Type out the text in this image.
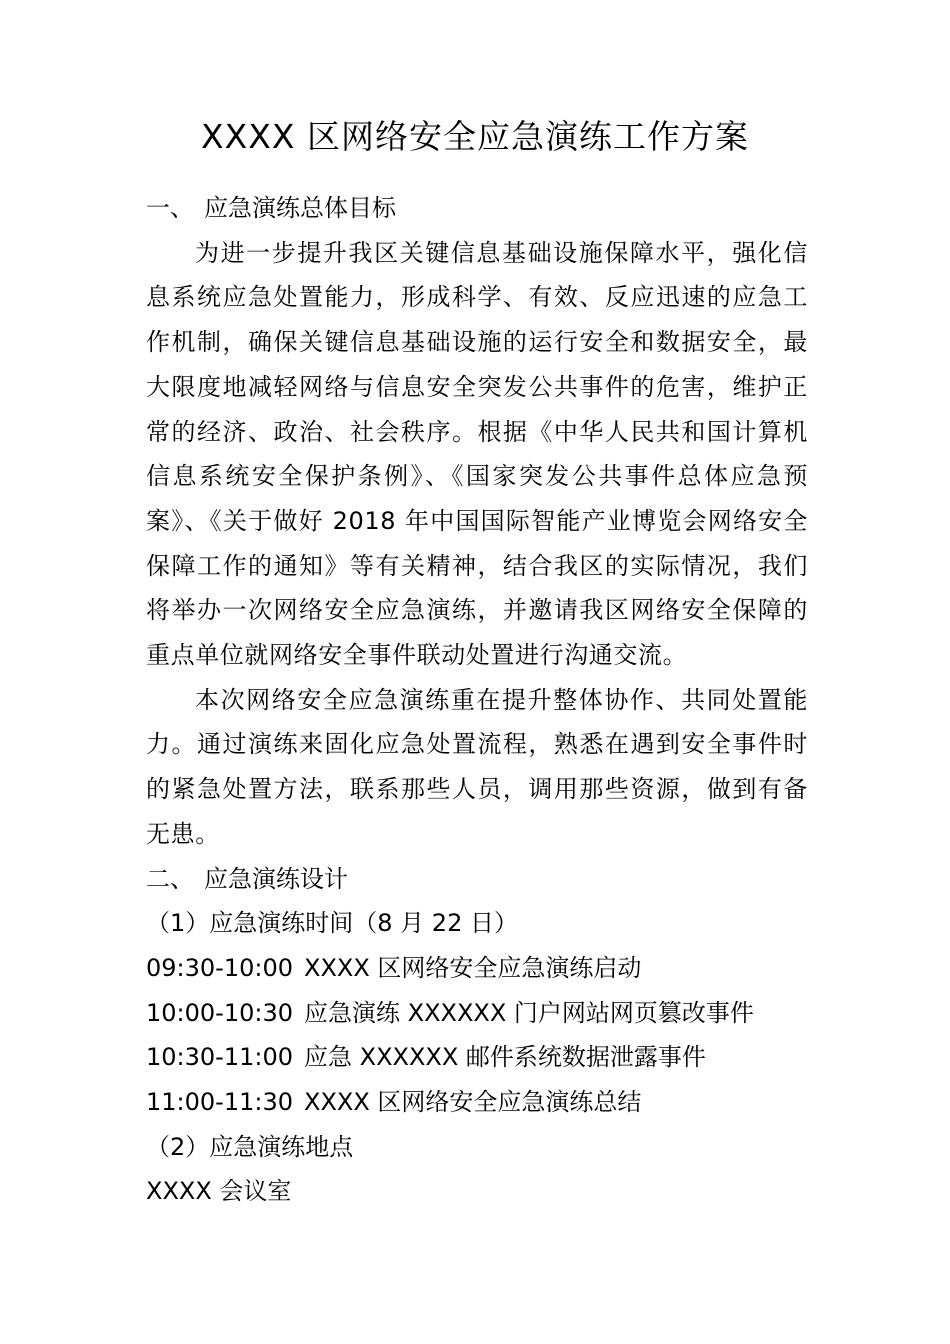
XXXX 区网络安全应急演练工作方案

一、 应急演练总体目标

为进一步提升我区关键信息基础设施保障水平，强化信息系统应急处置能力，形成科学、有效、反应迅速的应急工作机制，确保关键信息基础设施的运行安全和数据安全，最大限度地减轻网络与信息安全突发公共事件的危害，维护正常的经济、政治、社会秩序。根据《中华人民共和国计算机信息系统安全保护条例》、《国家突发公共事件总体应急预案》、《关于做好 2018 年中国国际智能产业博览会网络安全保障工作的通知》等有关精神，结合我区的实际情况，我们将举办一次网络安全应急演练，并邀请我区网络安全保障的重点单位就网络安全事件联动处置进行沟通交流。

本次网络安全应急演练重在提升整体协作、共同处置能力。通过演练来固化应急处置流程，熟悉在遇到安全事件时的紧急处置方法，联系那些人员，调用那些资源，做到有备无患。

二、 应急演练设计

（1）应急演练时间（8 月 22 日）

09:30-10:00 XXXX 区网络安全应急演练启动

10:00-10:30 应急演练 XXXXXX 门户网站网页篡改事件

10:30-11:00 应急 XXXXXX 邮件系统数据泄露事件

11:00-11:30 XXXX 区网络安全应急演练总结

（2）应急演练地点

XXXX 会议室
